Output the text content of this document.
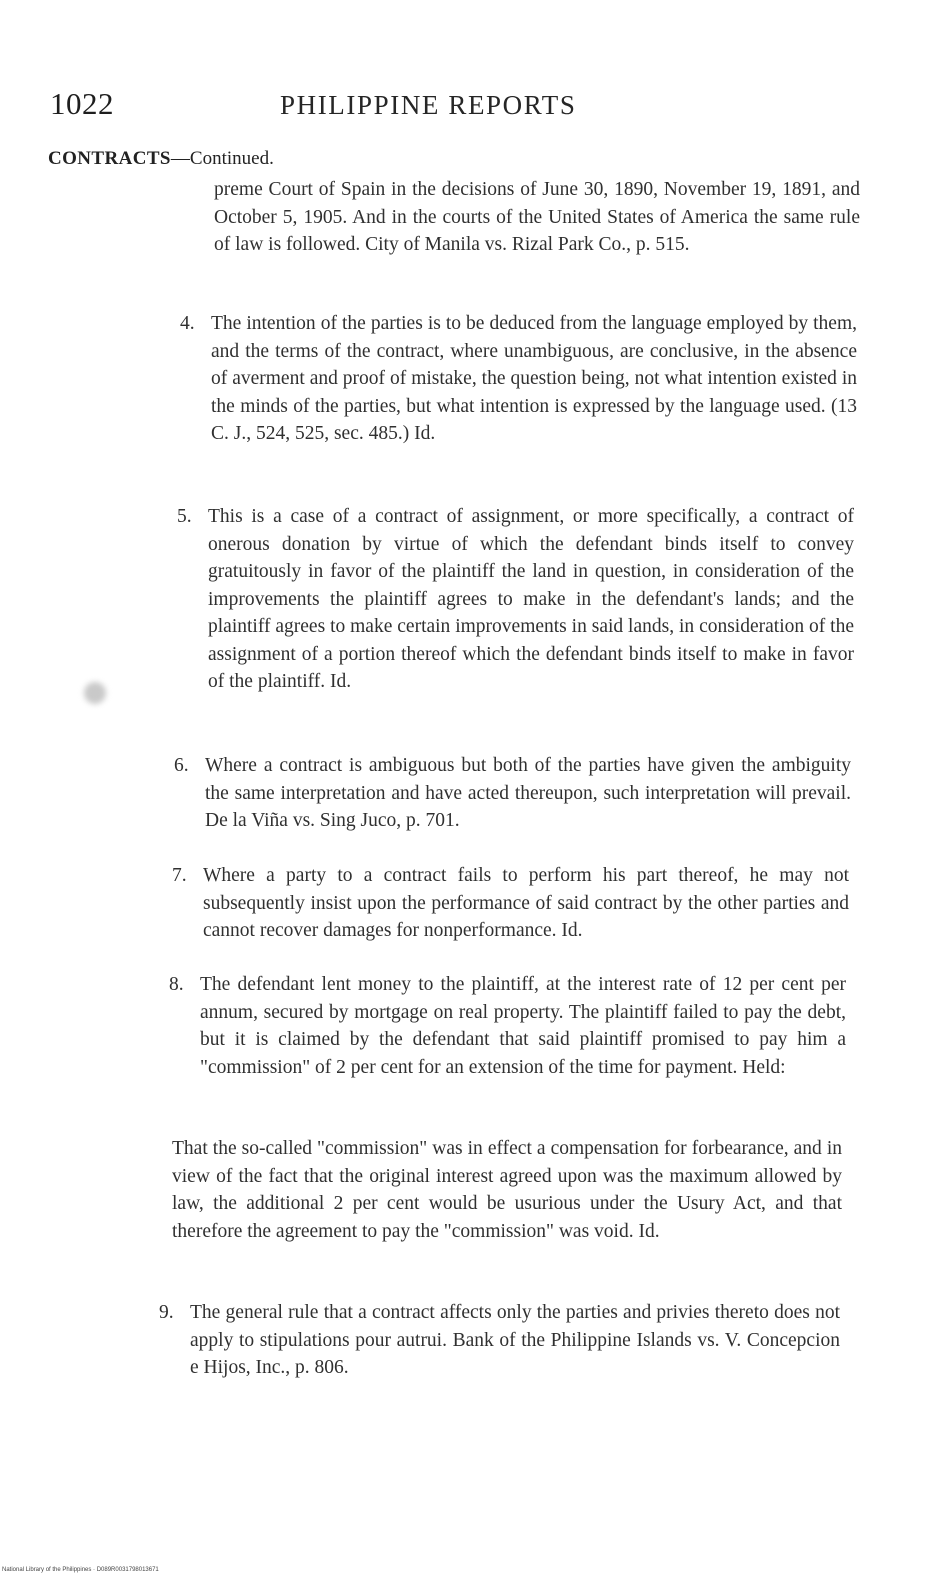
1022	PHILIPPINE REPORTS
CONTRACTS—Continued.
preme Court of Spain in the decisions of June 30, 1890, November 19, 1891, and October 5, 1905. And in the courts of the United States of America the same rule of law is followed. City of Manila vs. Rizal Park Co., p. 515.
4. The intention of the parties is to be deduced from the language employed by them, and the terms of the contract, where unambiguous, are conclusive, in the absence of averment and proof of mistake, the question being, not what intention existed in the minds of the parties, but what intention is expressed by the language used. (13 C. J., 524, 525, sec. 485.) Id.
5. This is a case of a contract of assignment, or more specifically, a contract of onerous donation by virtue of which the defendant binds itself to convey gratuitously in favor of the plaintiff the land in question, in consideration of the improvements the plaintiff agrees to make in the defendant's lands; and the plaintiff agrees to make certain improvements in said lands, in consideration of the assignment of a portion thereof which the defendant binds itself to make in favor of the plaintiff. Id.
6. Where a contract is ambiguous but both of the parties have given the ambiguity the same interpretation and have acted thereupon, such interpretation will prevail. De la Viña vs. Sing Juco, p. 701.
7. Where a party to a contract fails to perform his part thereof, he may not subsequently insist upon the performance of said contract by the other parties and cannot recover damages for nonperformance. Id.
8. The defendant lent money to the plaintiff, at the interest rate of 12 per cent per annum, secured by mortgage on real property. The plaintiff failed to pay the debt, but it is claimed by the defendant that said plaintiff promised to pay him a "commission" of 2 per cent for an extension of the time for payment. Held:
That the so-called "commission" was in effect a compensation for forbearance, and in view of the fact that the original interest agreed upon was the maximum allowed by law, the additional 2 per cent would be usurious under the Usury Act, and that therefore the agreement to pay the "commission" was void. Id.
9. The general rule that a contract affects only the parties and privies thereto does not apply to stipulations pour autrui. Bank of the Philippine Islands vs. V. Concepcion e Hijos, Inc., p. 806.
National Library of the Philippines · D089R0031798013671
